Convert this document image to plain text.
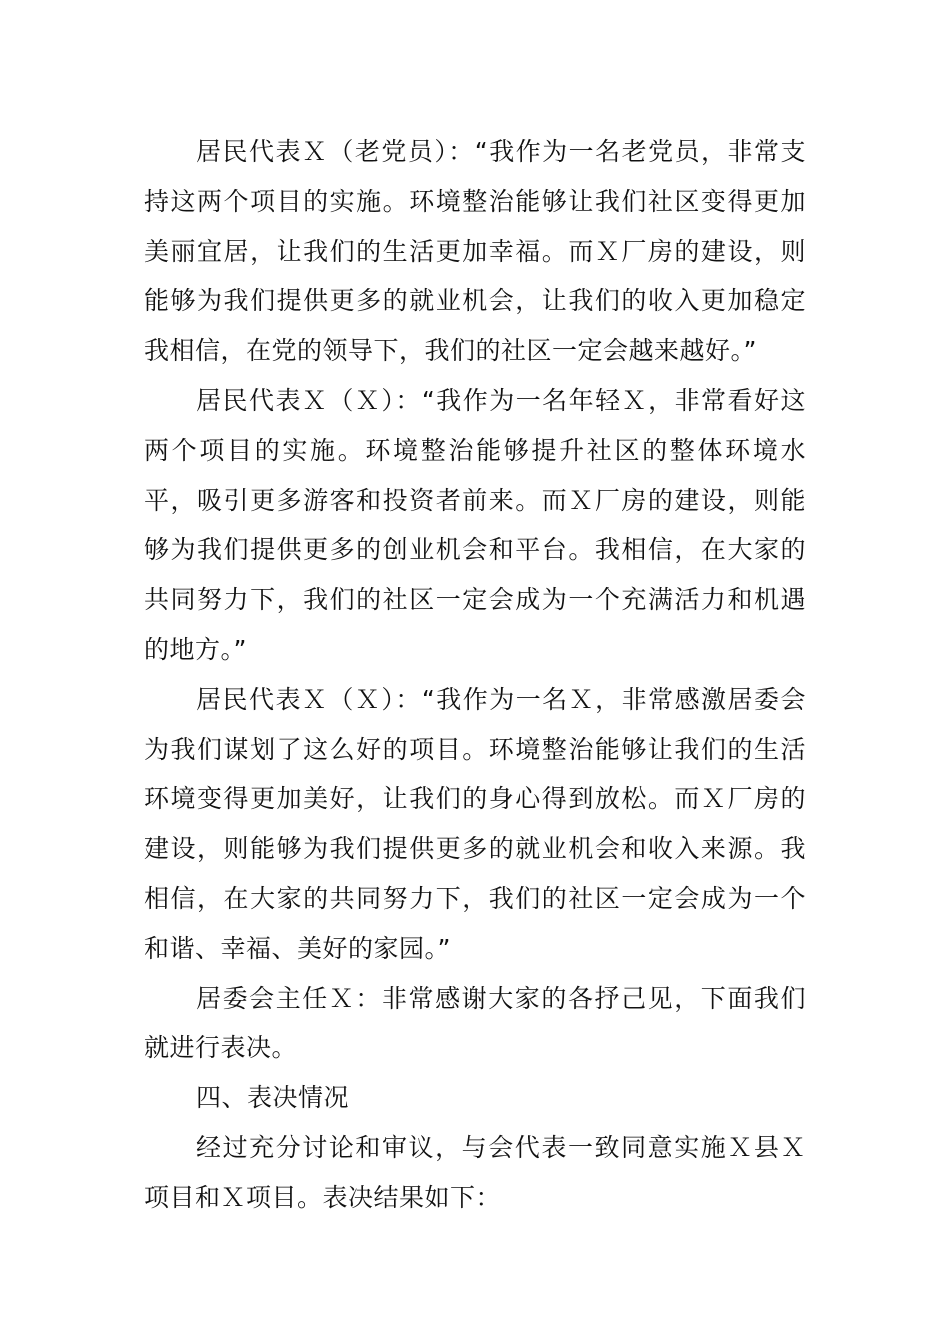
居民代表Ｘ（老党员）：“我作为一名老党员，非常支持这两个项目的实施。环境整治能够让我们社区变得更加美丽宜居，让我们的生活更加幸福。而Ｘ厂房的建设，则能够为我们提供更多的就业机会，让我们的收入更加稳定我相信，在党的领导下，我们的社区一定会越来越好。”

居民代表Ｘ（Ｘ）：“我作为一名年轻Ｘ，非常看好这两个项目的实施。环境整治能够提升社区的整体环境水平，吸引更多游客和投资者前来。而Ｘ厂房的建设，则能够为我们提供更多的创业机会和平台。我相信，在大家的共同努力下，我们的社区一定会成为一个充满活力和机遇的地方。”

居民代表Ｘ（Ｘ）：“我作为一名Ｘ，非常感激居委会为我们谋划了这么好的项目。环境整治能够让我们的生活环境变得更加美好，让我们的身心得到放松。而Ｘ厂房的建设，则能够为我们提供更多的就业机会和收入来源。我相信，在大家的共同努力下，我们的社区一定会成为一个和谐、幸福、美好的家园。”

居委会主任Ｘ：非常感谢大家的各抒己见，下面我们就进行表决。

四、表决情况

经过充分讨论和审议，与会代表一致同意实施Ｘ县Ｘ项目和Ｘ项目。表决结果如下：
